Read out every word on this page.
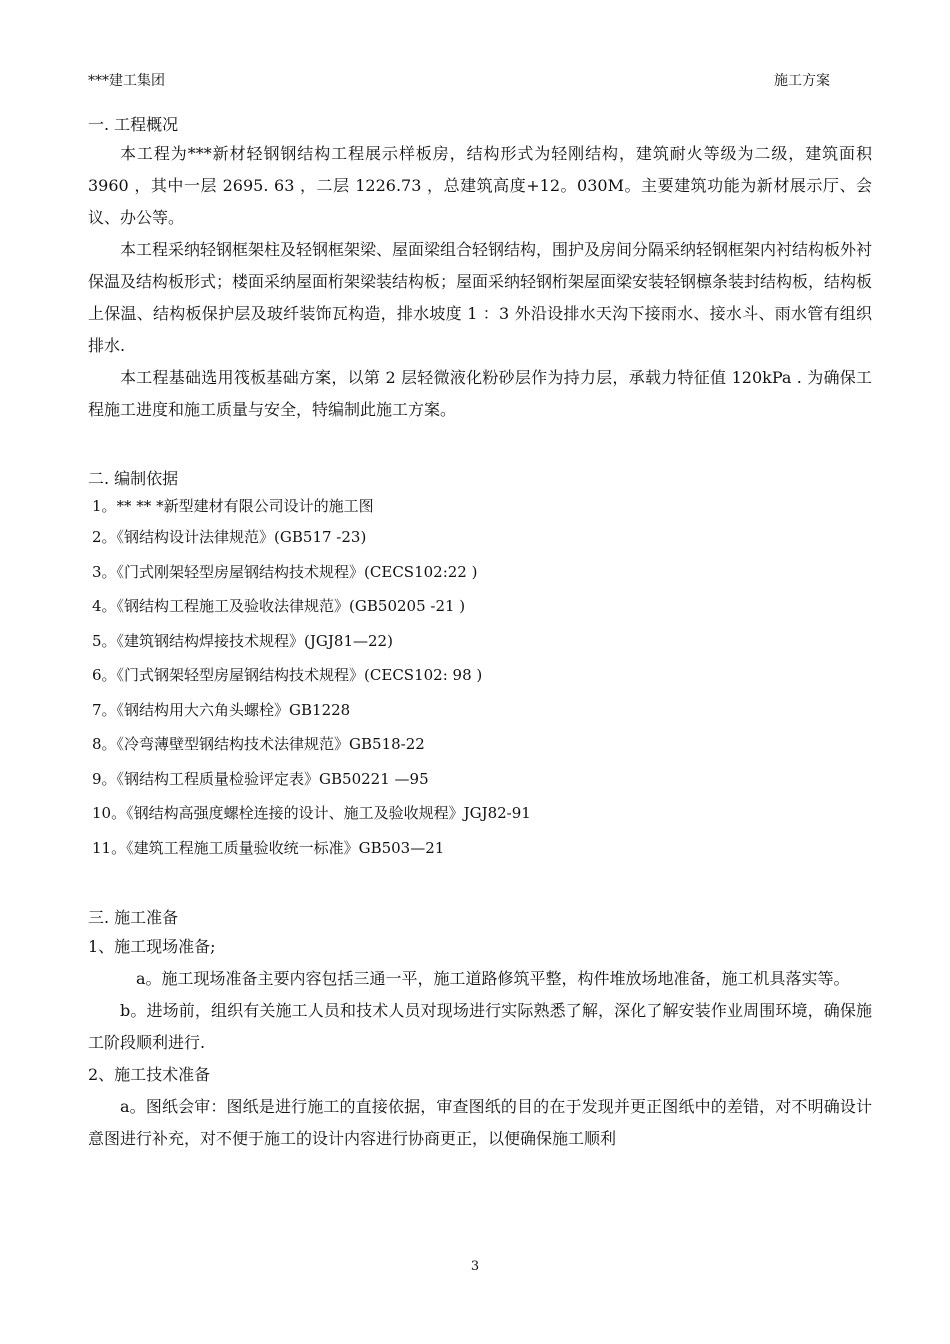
***建工集团	施工方案

一. 工程概况

本工程为***新材轻钢钢结构工程展示样板房，结构形式为轻刚结构，建筑耐火等级为二级，建筑面积 3960 ，其中一层 2695. 63 ，二层 1226.73 ，总建筑高度+12。030M。主要建筑功能为新材展示厅、会议、办公等。

本工程采纳轻钢框架柱及轻钢框架梁、屋面梁组合轻钢结构，围护及房间分隔采纳轻钢框架内衬结构板外衬保温及结构板形式；楼面采纳屋面桁架梁装结构板；屋面采纳轻钢桁架屋面梁安装轻钢檩条装封结构板，结构板上保温、结构板保护层及玻纤装饰瓦构造，排水坡度 1 ：3 外沿设排水天沟下接雨水、接水斗、雨水管有组织排水.

本工程基础选用筏板基础方案，以第 2 层轻微液化粉砂层作为持力层，承载力特征值 120kPa . 为确保工程施工进度和施工质量与安全，特编制此施工方案。

二. 编制依据

1。** ** *新型建材有限公司设计的施工图
2。《钢结构设计法律规范》(GB517 -23)
3。《门式刚架轻型房屋钢结构技术规程》(CECS102:22 )
4。《钢结构工程施工及验收法律规范》(GB50205 -21 )
5。《建筑钢结构焊接技术规程》(JGJ81—22)
6。《门式钢架轻型房屋钢结构技术规程》(CECS102: 98 )
7。《钢结构用大六角头螺栓》GB1228
8。《冷弯薄壁型钢结构技术法律规范》GB518-22
9。《钢结构工程质量检验评定表》GB50221 —95
10。《钢结构高强度螺栓连接的设计、施工及验收规程》JGJ82-91
11。《建筑工程施工质量验收统一标准》GB503—21

三. 施工准备

1、施工现场准备;

a。施工现场准备主要内容包括三通一平，施工道路修筑平整，构件堆放场地准备，施工机具落实等。

b。进场前，组织有关施工人员和技术人员对现场进行实际熟悉了解，深化了解安装作业周围环境，确保施工阶段顺利进行.

2、施工技术准备

a。图纸会审：图纸是进行施工的直接依据，审查图纸的目的在于发现并更正图纸中的差错，对不明确设计意图进行补充，对不便于施工的设计内容进行协商更正，以便确保施工顺利

3
